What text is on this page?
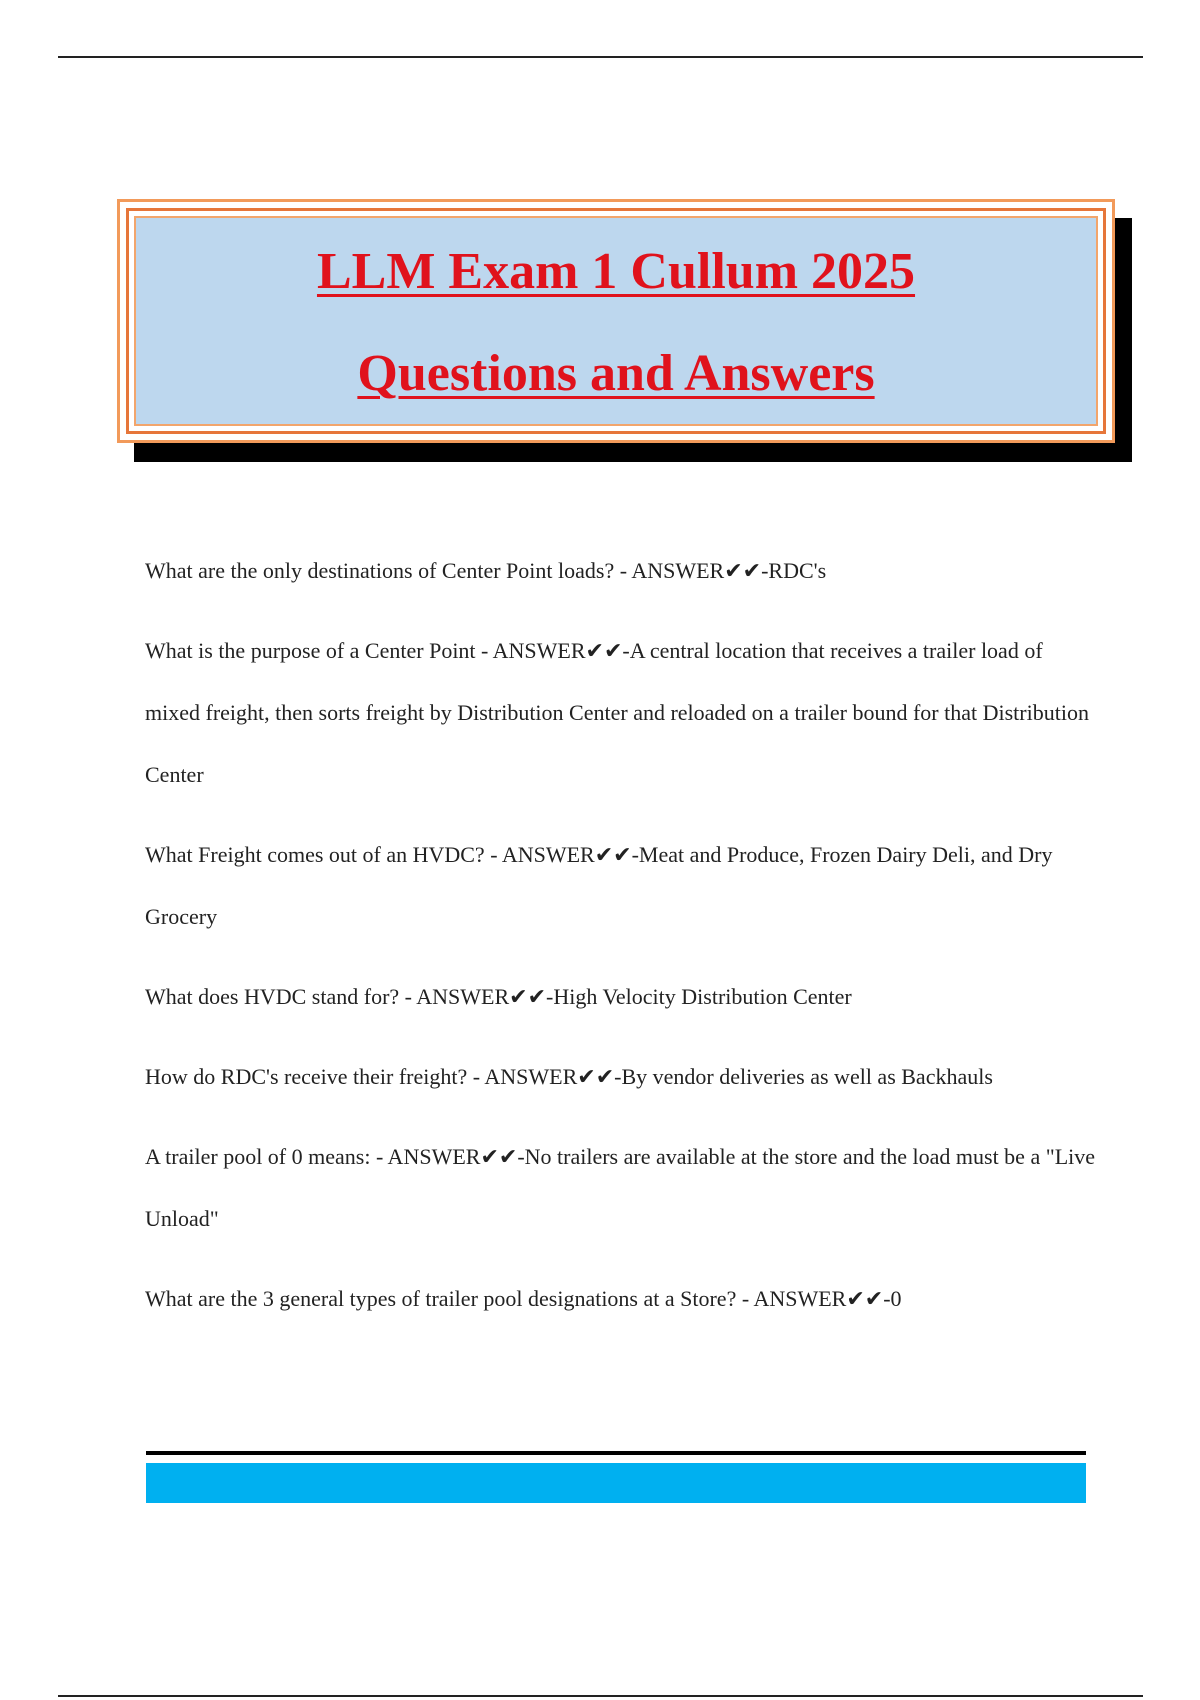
LLM Exam 1 Cullum 2025

Questions and Answers

What are the only destinations of Center Point loads? - ANSWER✔✔-RDC's

What is the purpose of a Center Point - ANSWER✔✔-A central location that receives a trailer load of mixed freight, then sorts freight by Distribution Center and reloaded on a trailer bound for that Distribution Center

What Freight comes out of an HVDC? - ANSWER✔✔-Meat and Produce, Frozen Dairy Deli, and Dry Grocery

What does HVDC stand for? - ANSWER✔✔-High Velocity Distribution Center

How do RDC's receive their freight? - ANSWER✔✔-By vendor deliveries as well as Backhauls

A trailer pool of 0 means: - ANSWER✔✔-No trailers are available at the store and the load must be a "Live Unload"

What are the 3 general types of trailer pool designations at a Store? - ANSWER✔✔-0
